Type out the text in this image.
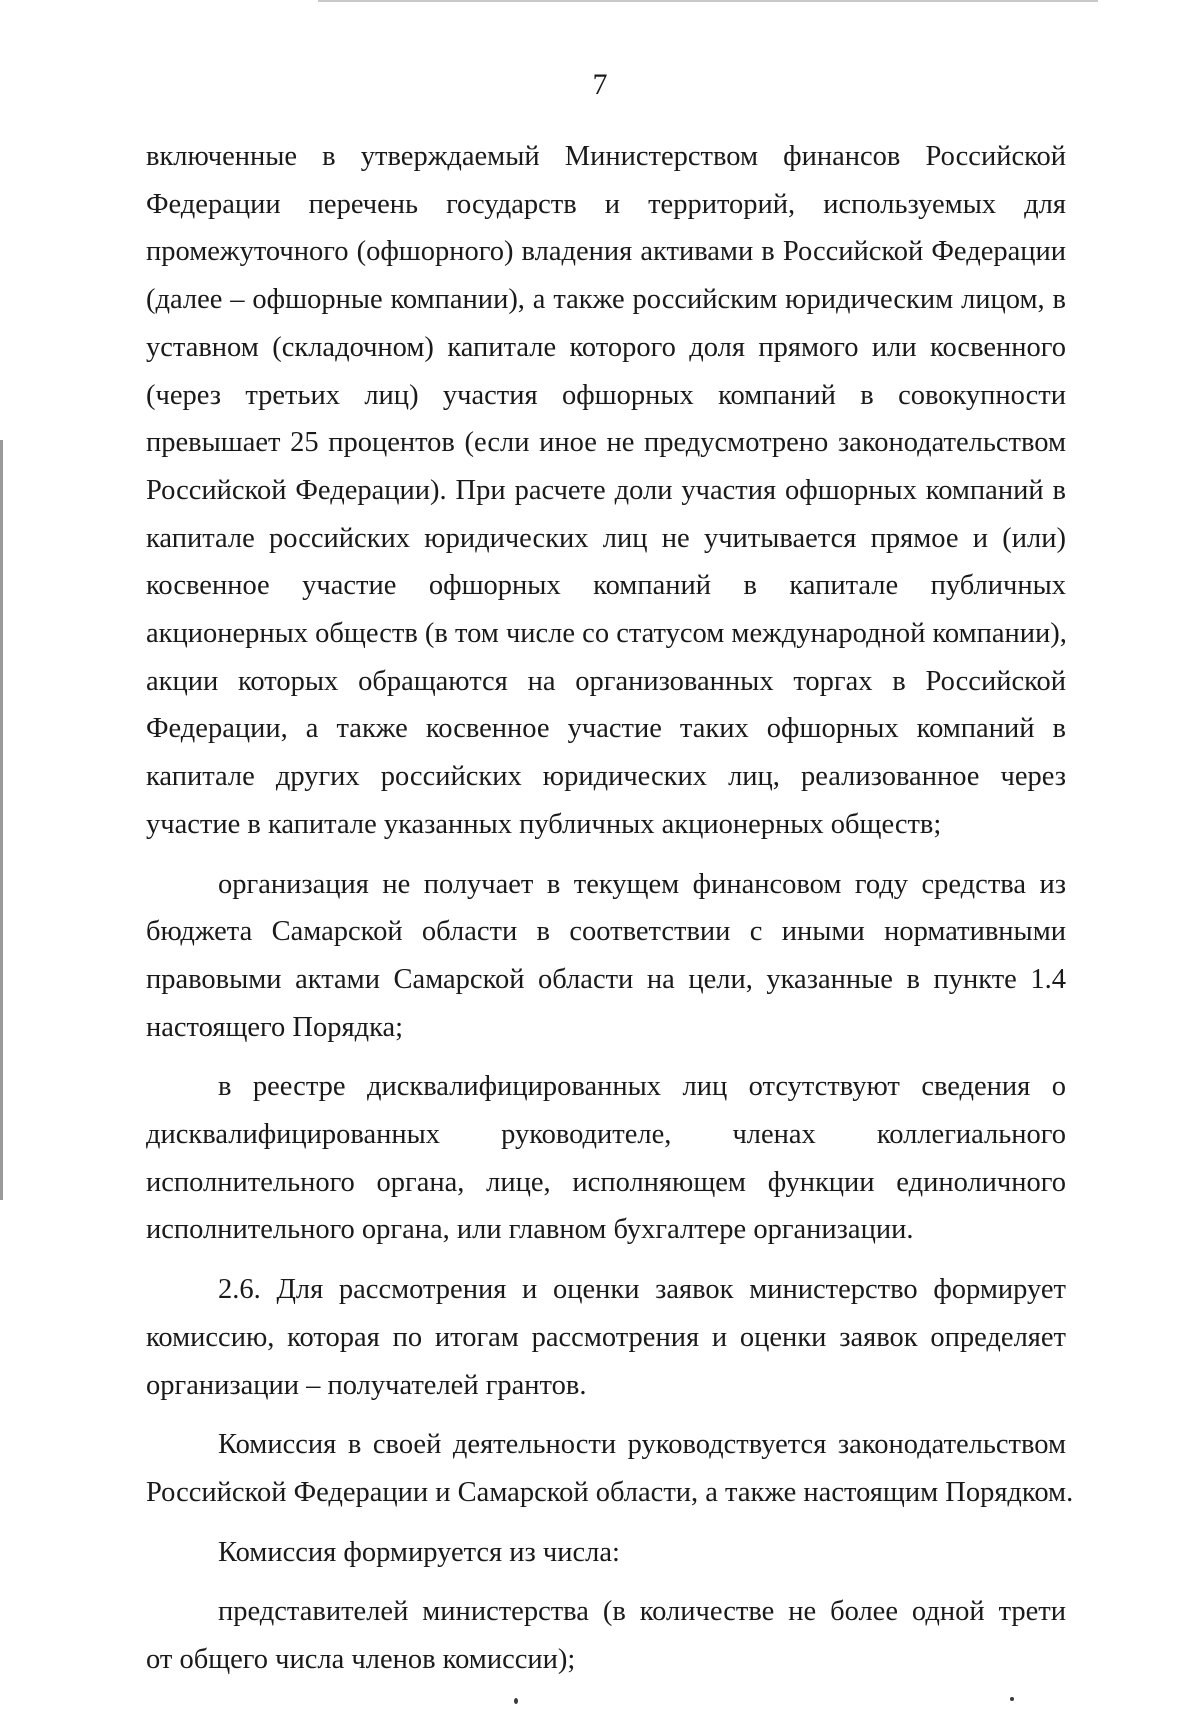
7
включенные в утверждаемый Министерством финансов Российской
Федерации перечень государств и территорий, используемых для
промежуточного (офшорного) владения активами в Российской Федерации
(далее – офшорные компании), а также российским юридическим лицом, в
уставном (складочном) капитале которого доля прямого или косвенного
(через третьих лиц) участия офшорных компаний в совокупности
превышает 25 процентов (если иное не предусмотрено законодательством
Российской Федерации). При расчете доли участия офшорных компаний в
капитале российских юридических лиц не учитывается прямое и (или)
косвенное участие офшорных компаний в капитале публичных
акционерных обществ (в том числе со статусом международной компании),
акции которых обращаются на организованных торгах в Российской
Федерации, а также косвенное участие таких офшорных компаний в
капитале других российских юридических лиц, реализованное через
участие в капитале указанных публичных акционерных обществ;
организация не получает в текущем финансовом году средства из
бюджета Самарской области в соответствии с иными нормативными
правовыми актами Самарской области на цели, указанные в пункте 1.4
настоящего Порядка;
в реестре дисквалифицированных лиц отсутствуют сведения о
дисквалифицированных руководителе, членах коллегиального
исполнительного органа, лице, исполняющем функции единоличного
исполнительного органа, или главном бухгалтере организации.
2.6. Для рассмотрения и оценки заявок министерство формирует
комиссию, которая по итогам рассмотрения и оценки заявок определяет
организации – получателей грантов.
Комиссия в своей деятельности руководствуется законодательством
Российской Федерации и Самарской области, а также настоящим Порядком.
Комиссия формируется из числа:
представителей министерства (в количестве не более одной трети
от общего числа членов комиссии);
